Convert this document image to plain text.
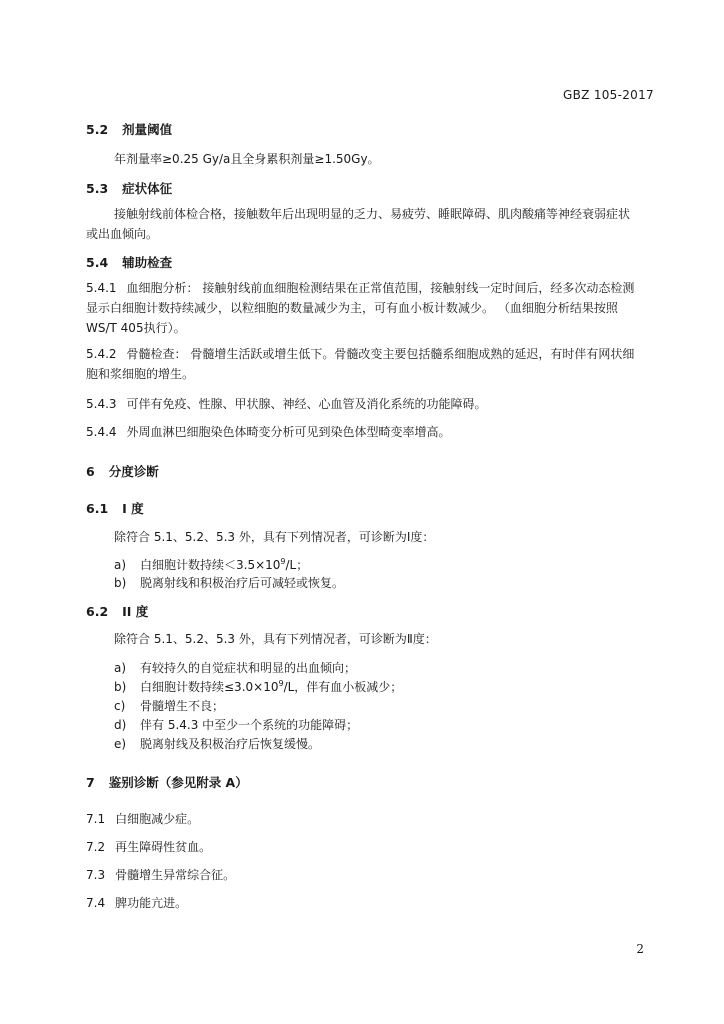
GBZ 105-2017
5.2 剂量阈值
年剂量率≥0.25 Gy/a且全身累积剂量≥1.50Gy。
5.3 症状体征
接触射线前体检合格，接触数年后出现明显的乏力、易疲劳、睡眠障碍、肌肉酸痛等神经衰弱症状或出血倾向。
5.4 辅助检查
5.4.1 血细胞分析： 接触射线前血细胞检测结果在正常值范围，接触射线一定时间后，经多次动态检测显示白细胞计数持续减少，以粒细胞的数量减少为主，可有血小板计数减少。 （血细胞分析结果按照WS/T 405执行）。
5.4.2 骨髓检查： 骨髓增生活跃或增生低下。骨髓改变主要包括髓系细胞成熟的延迟，有时伴有网状细胞和浆细胞的增生。
5.4.3 可伴有免疫、性腺、甲状腺、神经、心血管及消化系统的功能障碍。
5.4.4 外周血淋巴细胞染色体畸变分析可见到染色体型畸变率增高。
6 分度诊断
6.1 I 度
除符合 5.1、5.2、5.3 外，具有下列情况者，可诊断为Ⅰ度：
a) 白细胞计数持续$<3.5\times 10^9/L$；
b) 脱离射线和积极治疗后可减轻或恢复。
6.2 II 度
除符合 5.1、5.2、5.3 外，具有下列情况者，可诊断为Ⅱ度：
a) 有较持久的自觉症状和明显的出血倾向；
b) 白细胞计数持续$\le 3.0\times 10^9/L$，伴有血小板减少；
c) 骨髓增生不良；
d) 伴有 5.4.3 中至少一个系统的功能障碍；
e) 脱离射线及积极治疗后恢复缓慢。
7 鉴别诊断（参见附录 A）
7.1 白细胞减少症。
7.2 再生障碍性贫血。
7.3 骨髓增生异常综合征。
7.4 脾功能亢进。
2
